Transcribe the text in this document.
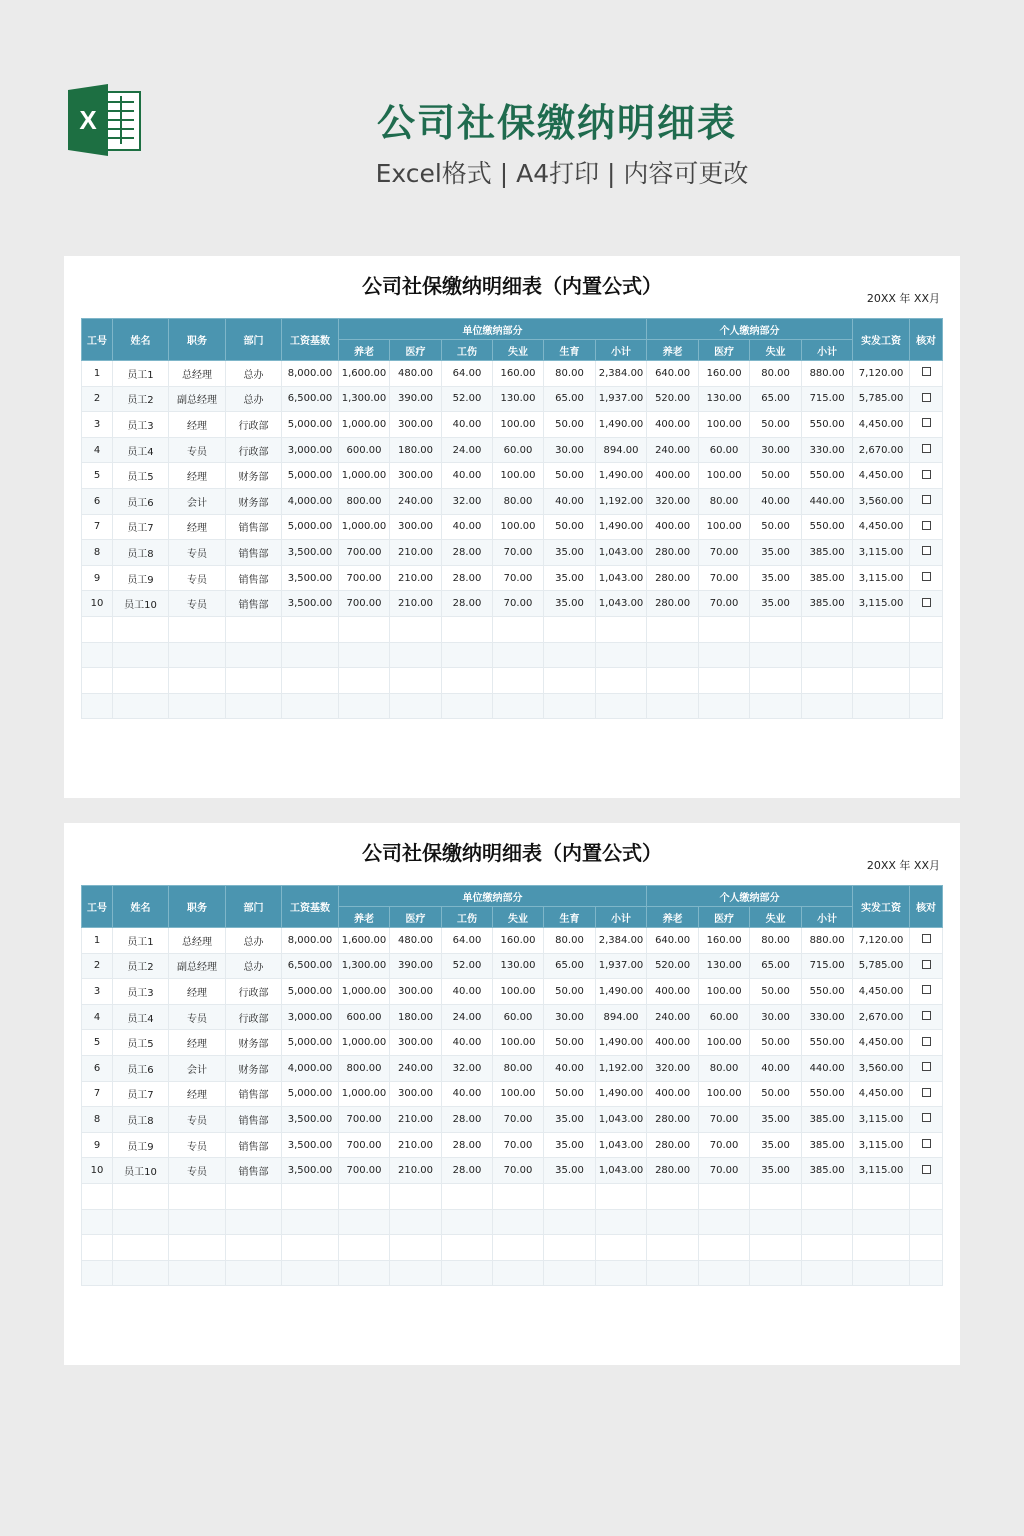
X	公司社保缴纳明细表
Excel格式 | A4打印 | 内容可更改
公司社保缴纳明细表（内置公式）
20XX 年 XX月
工号	姓名	职务	部门	工资基数	单位缴纳部分						个人缴纳部分				实发工资	核对
					养老	医疗	工伤	失业	生育	小计	养老	医疗	失业	小计		
1	员工1	总经理	总办	8,000.00	1,600.00	480.00	64.00	160.00	80.00	2,384.00	640.00	160.00	80.00	880.00	7,120.00	
2	员工2	副总经理	总办	6,500.00	1,300.00	390.00	52.00	130.00	65.00	1,937.00	520.00	130.00	65.00	715.00	5,785.00	
3	员工3	经理	行政部	5,000.00	1,000.00	300.00	40.00	100.00	50.00	1,490.00	400.00	100.00	50.00	550.00	4,450.00	
4	员工4	专员	行政部	3,000.00	600.00	180.00	24.00	60.00	30.00	894.00	240.00	60.00	30.00	330.00	2,670.00	
5	员工5	经理	财务部	5,000.00	1,000.00	300.00	40.00	100.00	50.00	1,490.00	400.00	100.00	50.00	550.00	4,450.00	
6	员工6	会计	财务部	4,000.00	800.00	240.00	32.00	80.00	40.00	1,192.00	320.00	80.00	40.00	440.00	3,560.00	
7	员工7	经理	销售部	5,000.00	1,000.00	300.00	40.00	100.00	50.00	1,490.00	400.00	100.00	50.00	550.00	4,450.00	
8	员工8	专员	销售部	3,500.00	700.00	210.00	28.00	70.00	35.00	1,043.00	280.00	70.00	35.00	385.00	3,115.00	
9	员工9	专员	销售部	3,500.00	700.00	210.00	28.00	70.00	35.00	1,043.00	280.00	70.00	35.00	385.00	3,115.00	
10	员工10	专员	销售部	3,500.00	700.00	210.00	28.00	70.00	35.00	1,043.00	280.00	70.00	35.00	385.00	3,115.00	

公司社保缴纳明细表（内置公式）
20XX 年 XX月
工号	姓名	职务	部门	工资基数	单位缴纳部分						个人缴纳部分				实发工资	核对
					养老	医疗	工伤	失业	生育	小计	养老	医疗	失业	小计		
1	员工1	总经理	总办	8,000.00	1,600.00	480.00	64.00	160.00	80.00	2,384.00	640.00	160.00	80.00	880.00	7,120.00	
2	员工2	副总经理	总办	6,500.00	1,300.00	390.00	52.00	130.00	65.00	1,937.00	520.00	130.00	65.00	715.00	5,785.00	
3	员工3	经理	行政部	5,000.00	1,000.00	300.00	40.00	100.00	50.00	1,490.00	400.00	100.00	50.00	550.00	4,450.00	
4	员工4	专员	行政部	3,000.00	600.00	180.00	24.00	60.00	30.00	894.00	240.00	60.00	30.00	330.00	2,670.00	
5	员工5	经理	财务部	5,000.00	1,000.00	300.00	40.00	100.00	50.00	1,490.00	400.00	100.00	50.00	550.00	4,450.00	
6	员工6	会计	财务部	4,000.00	800.00	240.00	32.00	80.00	40.00	1,192.00	320.00	80.00	40.00	440.00	3,560.00	
7	员工7	经理	销售部	5,000.00	1,000.00	300.00	40.00	100.00	50.00	1,490.00	400.00	100.00	50.00	550.00	4,450.00	
8	员工8	专员	销售部	3,500.00	700.00	210.00	28.00	70.00	35.00	1,043.00	280.00	70.00	35.00	385.00	3,115.00	
9	员工9	专员	销售部	3,500.00	700.00	210.00	28.00	70.00	35.00	1,043.00	280.00	70.00	35.00	385.00	3,115.00	
10	员工10	专员	销售部	3,500.00	700.00	210.00	28.00	70.00	35.00	1,043.00	280.00	70.00	35.00	385.00	3,115.00	
